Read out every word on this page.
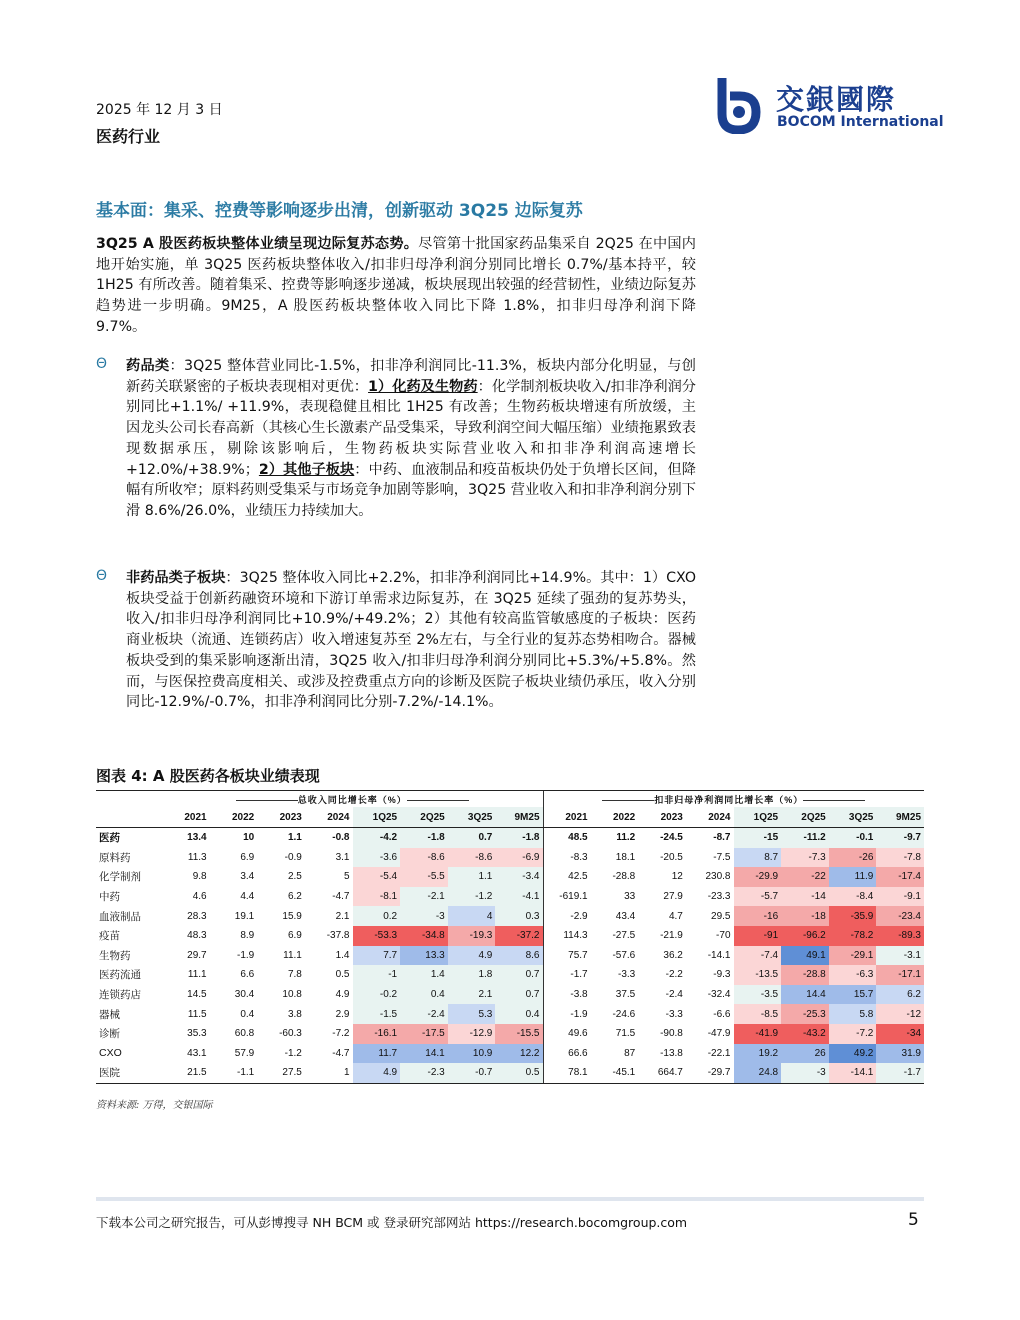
2025 年 12 月 3 日
医药行业
交銀國際
BOCOM International
基本面：集采、控费等影响逐步出清，创新驱动 3Q25 边际复苏
3Q25 A 股医药板块整体业绩呈现边际复苏态势。尽管第十批国家药品集采自 2Q25 在中国内地开始实施，单 3Q25 医药板块整体收入/扣非归母净利润分别同比增长 0.7%/基本持平，较 1H25 有所改善。随着集采、控费等影响逐步递减，板块展现出较强的经营韧性，业绩边际复苏趋势进一步明确。9M25，A 股医药板块整体收入同比下降 1.8%，扣非归母净利润下降 9.7%。
Θ 药品类：3Q25 整体营业同比-1.5%，扣非净利润同比-11.3%，板块内部分化明显，与创新药关联紧密的子板块表现相对更优：1）化药及生物药：化学制剂板块收入/扣非净利润分别同比+1.1%/ +11.9%，表现稳健且相比 1H25 有改善；生物药板块增速有所放缓，主因龙头公司长春高新（其核心生长激素产品受集采，导致利润空间大幅压缩）业绩拖累致表现数据承压，剔除该影响后，生物药板块实际营业收入和扣非净利润高速增长+12.0%/+38.9%；2）其他子板块：中药、血液制品和疫苗板块仍处于负增长区间，但降幅有所收窄；原料药则受集采与市场竞争加剧等影响，3Q25 营业收入和扣非净利润分别下滑 8.6%/26.0%，业绩压力持续加大。
Θ 非药品类子板块：3Q25 整体收入同比+2.2%，扣非净利润同比+14.9%。其中：1）CXO 板块受益于创新药融资环境和下游订单需求边际复苏，在 3Q25 延续了强劲的复苏势头，收入/扣非归母净利润同比+10.9%/+49.2%；2）其他有较高监管敏感度的子板块：医药商业板块（流通、连锁药店）收入增速复苏至 2%左右，与全行业的复苏态势相吻合。器械板块受到的集采影响逐渐出清，3Q25 收入/扣非归母净利润分别同比+5.3%/+5.8%。然而，与医保控费高度相关、或涉及控费重点方向的诊断及医院子板块业绩仍承压，收入分别同比-12.9%/-0.7%，扣非净利润同比分别-7.2%/-14.1%。
图表 4: A 股医药各板块业绩表现
	总收入同比增长率（%）								扣非归母净利润同比增长率（%）							
	2021	2022	2023	2024	1Q25	2Q25	3Q25	9M25	2021	2022	2023	2024	1Q25	2Q25	3Q25	9M25
医药	13.4	10	1.1	-0.8	-4.2	-1.8	0.7	-1.8	48.5	11.2	-24.5	-8.7	-15	-11.2	-0.1	-9.7
原料药	11.3	6.9	-0.9	3.1	-3.6	-8.6	-8.6	-6.9	-8.3	18.1	-20.5	-7.5	8.7	-7.3	-26	-7.8
化学制剂	9.8	3.4	2.5	5	-5.4	-5.5	1.1	-3.4	42.5	-28.8	12	230.8	-29.9	-22	11.9	-17.4
中药	4.6	4.4	6.2	-4.7	-8.1	-2.1	-1.2	-4.1	-619.1	33	27.9	-23.3	-5.7	-14	-8.4	-9.1
血液制品	28.3	19.1	15.9	2.1	0.2	-3	4	0.3	-2.9	43.4	4.7	29.5	-16	-18	-35.9	-23.4
疫苗	48.3	8.9	6.9	-37.8	-53.3	-34.8	-19.3	-37.2	114.3	-27.5	-21.9	-70	-91	-96.2	-78.2	-89.3
生物药	29.7	-1.9	11.1	1.4	7.7	13.3	4.9	8.6	75.7	-57.6	36.2	-14.1	-7.4	49.1	-29.1	-3.1
医药流通	11.1	6.6	7.8	0.5	-1	1.4	1.8	0.7	-1.7	-3.3	-2.2	-9.3	-13.5	-28.8	-6.3	-17.1
连锁药店	14.5	30.4	10.8	4.9	-0.2	0.4	2.1	0.7	-3.8	37.5	-2.4	-32.4	-3.5	14.4	15.7	6.2
器械	11.5	0.4	3.8	2.9	-1.5	-2.4	5.3	0.4	-1.9	-24.6	-3.3	-6.6	-8.5	-25.3	5.8	-12
诊断	35.3	60.8	-60.3	-7.2	-16.1	-17.5	-12.9	-15.5	49.6	71.5	-90.8	-47.9	-41.9	-43.2	-7.2	-34
CXO	43.1	57.9	-1.2	-4.7	11.7	14.1	10.9	12.2	66.6	87	-13.8	-22.1	19.2	26	49.2	31.9
医院	21.5	-1.1	27.5	1	4.9	-2.3	-0.7	0.5	78.1	-45.1	664.7	-29.7	24.8	-3	-14.1	-1.7
资料来源: 万得，交银国际
下载本公司之研究报告，可从彭博搜寻 NH BCM 或 登录研究部网站 https://research.bocomgroup.com	5
